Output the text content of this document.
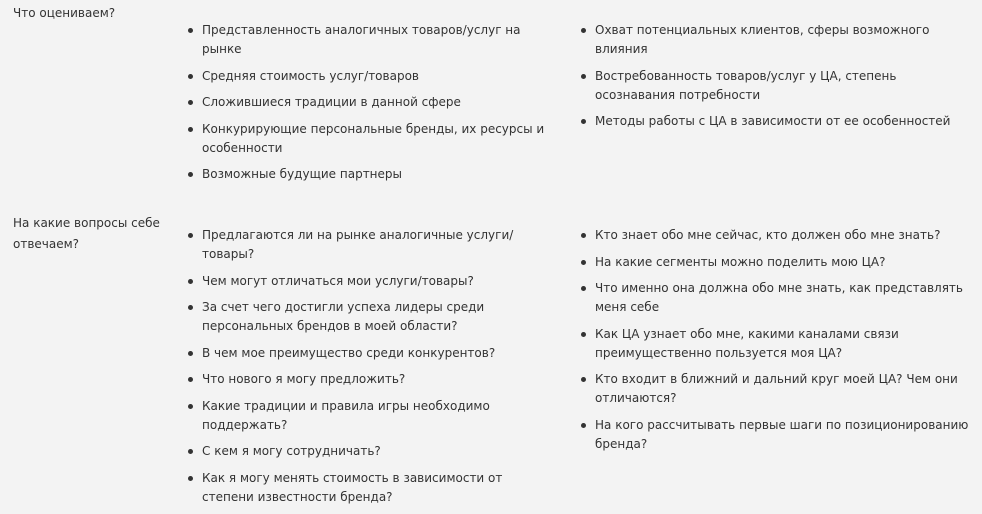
Что оцениваем?
Представленность аналогичных товаров/услуг на рынке
Средняя стоимость услуг/товаров
Сложившиеся традиции в данной сфере
Конкурирующие персональные бренды, их ресурсы и особенности
Возможные будущие партнеры
Охват потенциальных клиентов, сферы возможного влияния
Востребованность товаров/услуг у ЦА, степень осознавания потребности
Методы работы с ЦА в зависимости от ее особенностей
На какие вопросы себе отвечаем?
Предлагаются ли на рынке аналогичные услуги/товары?
Чем могут отличаться мои услуги/товары?
За счет чего достигли успеха лидеры среди персональных брендов в моей области?
В чем мое преимущество среди конкурентов?
Что нового я могу предложить?
Какие традиции и правила игры необходимо поддержать?
С кем я могу сотрудничать?
Как я могу менять стоимость в зависимости от степени известности бренда?
Кто знает обо мне сейчас, кто должен обо мне знать?
На какие сегменты можно поделить мою ЦА?
Что именно она должна обо мне знать, как представлять меня себе
Как ЦА узнает обо мне, какими каналами связи преимущественно пользуется моя ЦА?
Кто входит в ближний и дальний круг моей ЦА? Чем они отличаются?
На кого рассчитывать первые шаги по позиционированию бренда?
